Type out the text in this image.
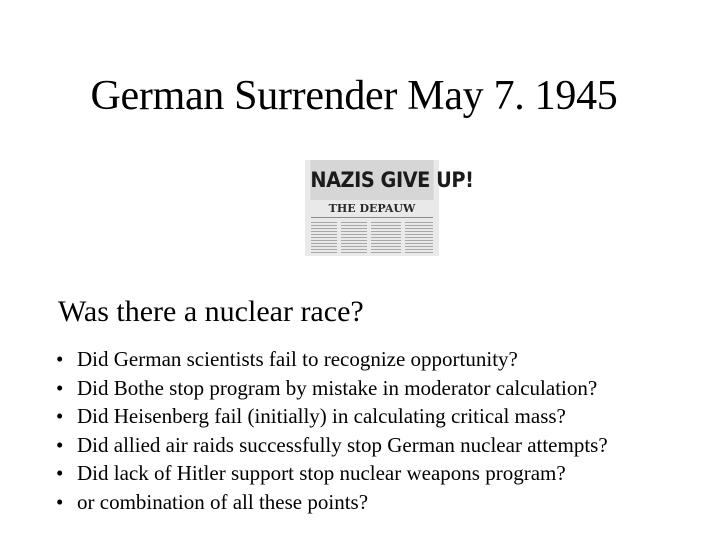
German Surrender May 7. 1945
NAZIS GIVE UP!
THE DEPAUW
Was there a nuclear race?
• Did German scientists fail to recognize opportunity?
• Did Bothe stop program by mistake in moderator calculation?
• Did Heisenberg fail (initially) in calculating critical mass?
• Did allied air raids successfully stop German nuclear attempts?
• Did lack of Hitler support stop nuclear weapons program?
• or combination of all these points?
